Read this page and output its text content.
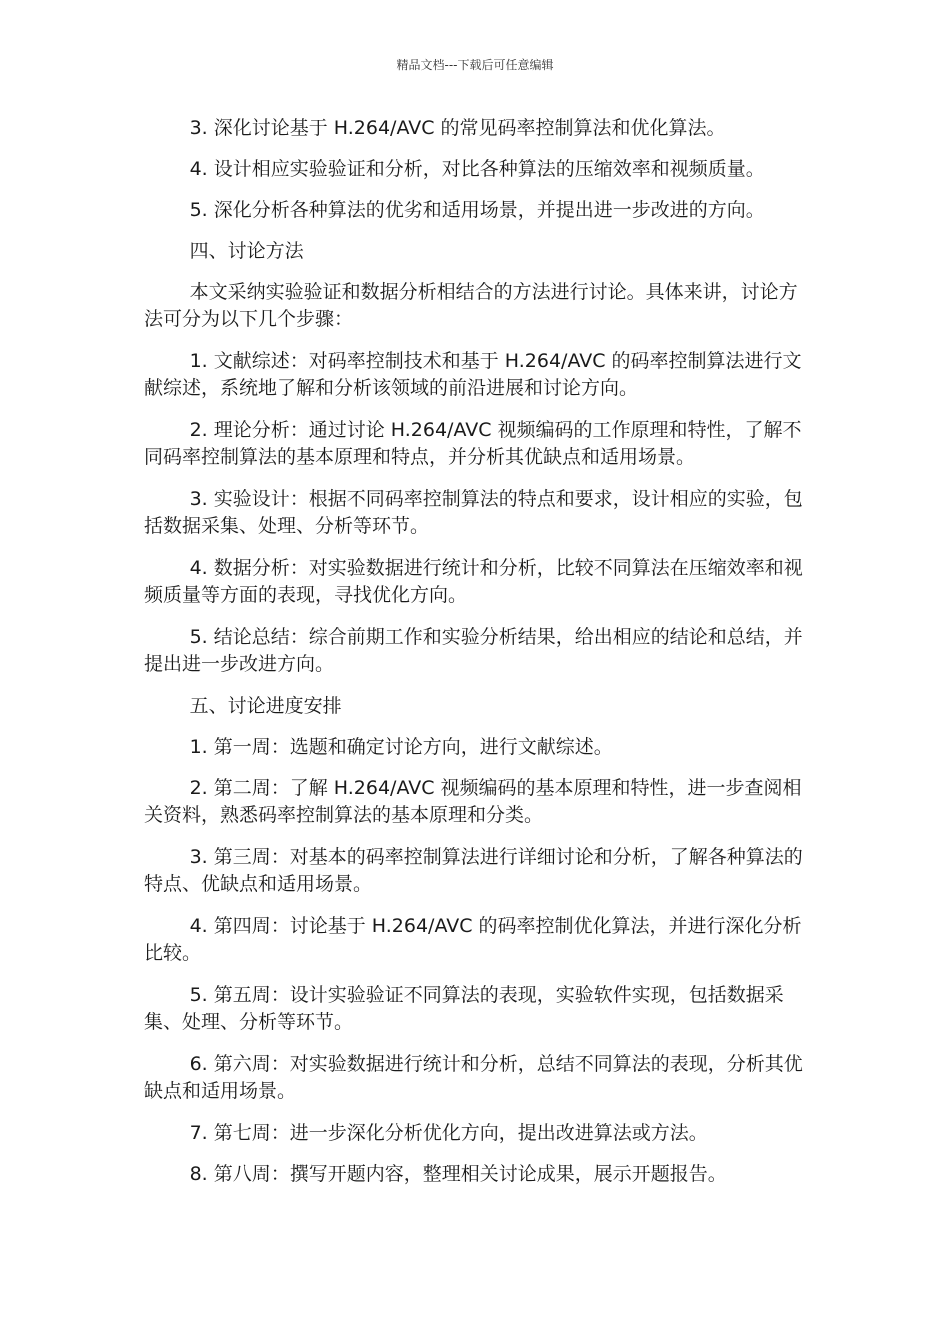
精品文档---下载后可任意编辑

3. 深化讨论基于 H.264/AVC 的常见码率控制算法和优化算法。

4. 设计相应实验验证和分析，对比各种算法的压缩效率和视频质量。

5. 深化分析各种算法的优劣和适用场景，并提出进一步改进的方向。

四、讨论方法

本文采纳实验验证和数据分析相结合的方法进行讨论。具体来讲，讨论方法可分为以下几个步骤：

1. 文献综述：对码率控制技术和基于 H.264/AVC 的码率控制算法进行文献综述，系统地了解和分析该领域的前沿进展和讨论方向。

2. 理论分析：通过讨论 H.264/AVC 视频编码的工作原理和特性，了解不同码率控制算法的基本原理和特点，并分析其优缺点和适用场景。

3. 实验设计：根据不同码率控制算法的特点和要求，设计相应的实验，包括数据采集、处理、分析等环节。

4. 数据分析：对实验数据进行统计和分析，比较不同算法在压缩效率和视频质量等方面的表现，寻找优化方向。

5. 结论总结：综合前期工作和实验分析结果，给出相应的结论和总结，并提出进一步改进方向。

五、讨论进度安排

1. 第一周：选题和确定讨论方向，进行文献综述。

2. 第二周：了解 H.264/AVC 视频编码的基本原理和特性，进一步查阅相关资料，熟悉码率控制算法的基本原理和分类。

3. 第三周：对基本的码率控制算法进行详细讨论和分析，了解各种算法的特点、优缺点和适用场景。

4. 第四周：讨论基于 H.264/AVC 的码率控制优化算法，并进行深化分析比较。

5. 第五周：设计实验验证不同算法的表现，实验软件实现，包括数据采集、处理、分析等环节。

6. 第六周：对实验数据进行统计和分析，总结不同算法的表现，分析其优缺点和适用场景。

7. 第七周：进一步深化分析优化方向，提出改进算法或方法。

8. 第八周：撰写开题内容，整理相关讨论成果，展示开题报告。
